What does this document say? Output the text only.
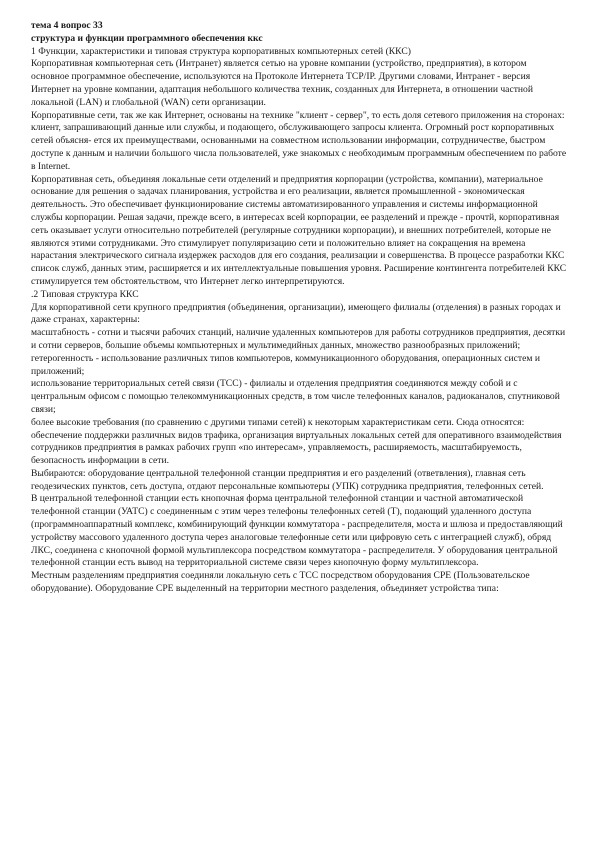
тема 4 вопрос 33

структура и функции программного обеспечения ккс

1 Функции, характеристики и типовая структура корпоративных компьютерных сетей (ККС)

Корпоративная компьютерная сеть (Интранет) является сетью на уровне компании (устройство, предприятия), в котором основное программное обеспечение, используются на Протоколе Интернета TCP/IP. Другими словами, Интранет - версия Интернет на уровне компании, адаптация небольшого количества техник, созданных для Интернета, в отношении частной локальной (LAN) и глобальной (WAN) сети организации.

Корпоративные сети, так же как Интернет, основаны на технике "клиент - сервер", то есть доля сетевого приложения на сторонах: клиент, запрашивающий данные или службы, и подающего, обслуживающего запросы клиента. Огромный рост корпоративных сетей объясня- ется их преимуществами, основанными на совместном использовании информации, сотрудничестве, быстром доступе к данным и наличии большого числа пользователей, уже знакомых с необходимым программным обеспечением по работе в Internet.

Корпоративная сеть, объединяя локальные сети отделений и предприятия корпорации (устройства, компании), материальное основание для решения о задачах планирования, устройства и его реализации, является промышленной - экономическая деятельность. Это обеспечивает функционирование системы автоматизированного управления и системы информационной службы корпорации. Решая задачи, прежде всего, в интересах всей корпорации, ее разделений и прежде - прочтй, корпоративная сеть оказывает услуги относительно потребителей (регулярные сотрудники корпорации), и внешних потребителей, которые не являются этими сотрудниками. Это стимулирует популяризацию сети и положительно влияет на сокращения на времена нарастания электрического сигнала издержек расходов для его создания, реализации и совершенства. В процессе разработки ККС список служб, данных этим, расширяется и их интеллектуальные повышения уровня. Расширение контингента потребителей ККС стимулируется тем обстоятельством, что Интернет легко интерпретируются.

.2 Типовая структура ККС

Для корпоративной сети крупного предприятия (объединения, организации), имеющего филиалы (отделения) в разных городах и даже странах, характерны:

масштабность - сотни и тысячи рабочих станций, наличие удаленных компьютеров для работы сотрудников предприятия, десятки и сотни серверов, большие объемы компьютерных и мультимедийных данных, множество разнообразных приложений;

гетерогенность - использование различных типов компьютеров, коммуникационного оборудования, операционных систем и приложений;

использование территориальных сетей связи (ТСС) - филиалы и отделения предприятия соединяются между собой и с центральным офисом с помощью телекоммуникационных средств, в том числе телефонных каналов, радиоканалов, спутниковой связи;

более высокие требования (по сравнению с другими типами сетей) к некоторым характеристикам сети. Сюда относятся: обеспечение поддержки различных видов трафика, организация виртуальных локальных сетей для оперативного взаимодействия сотрудников предприятия в рамках рабочих групп «по интересам», управляемость, расширяемость, масштабируемость, безопасность информации в сети.

Выбираются: оборудование центральной телефонной станции предприятия и его разделений (ответвления), главная сеть геодезических пунктов, сеть доступа, отдают персональные компьютеры (УПК) сотрудника предприятия, телефонных сетей.

В центральной телефонной станции есть кнопочная форма центральной телефонной станции и частной автоматической телефонной станции (УАТС) с соединенным с этим через телефоны телефонных сетей (Т), подающий удаленного доступа (программноаппаратный комплекс, комбинирующий функции коммутатора - распределителя, моста и шлюза и предоставляющий устройству массового удаленного доступа через аналоговые телефонные сети или цифровую сеть с интеграцией служб), обряд ЛКС, соединена с кнопочной формой мультиплексора посредством коммутатора - распределителя. У оборудования центральной телефонной станции есть вывод на территориальной системе связи через кнопочную форму мультиплексора.

Местным разделениям предприятия соединяли локальную сеть с ТСС посредством оборудования СРЕ (Пользовательское оборудование). Оборудование СРЕ выделенный на территории местного разделения, объединяет устройства типа:
